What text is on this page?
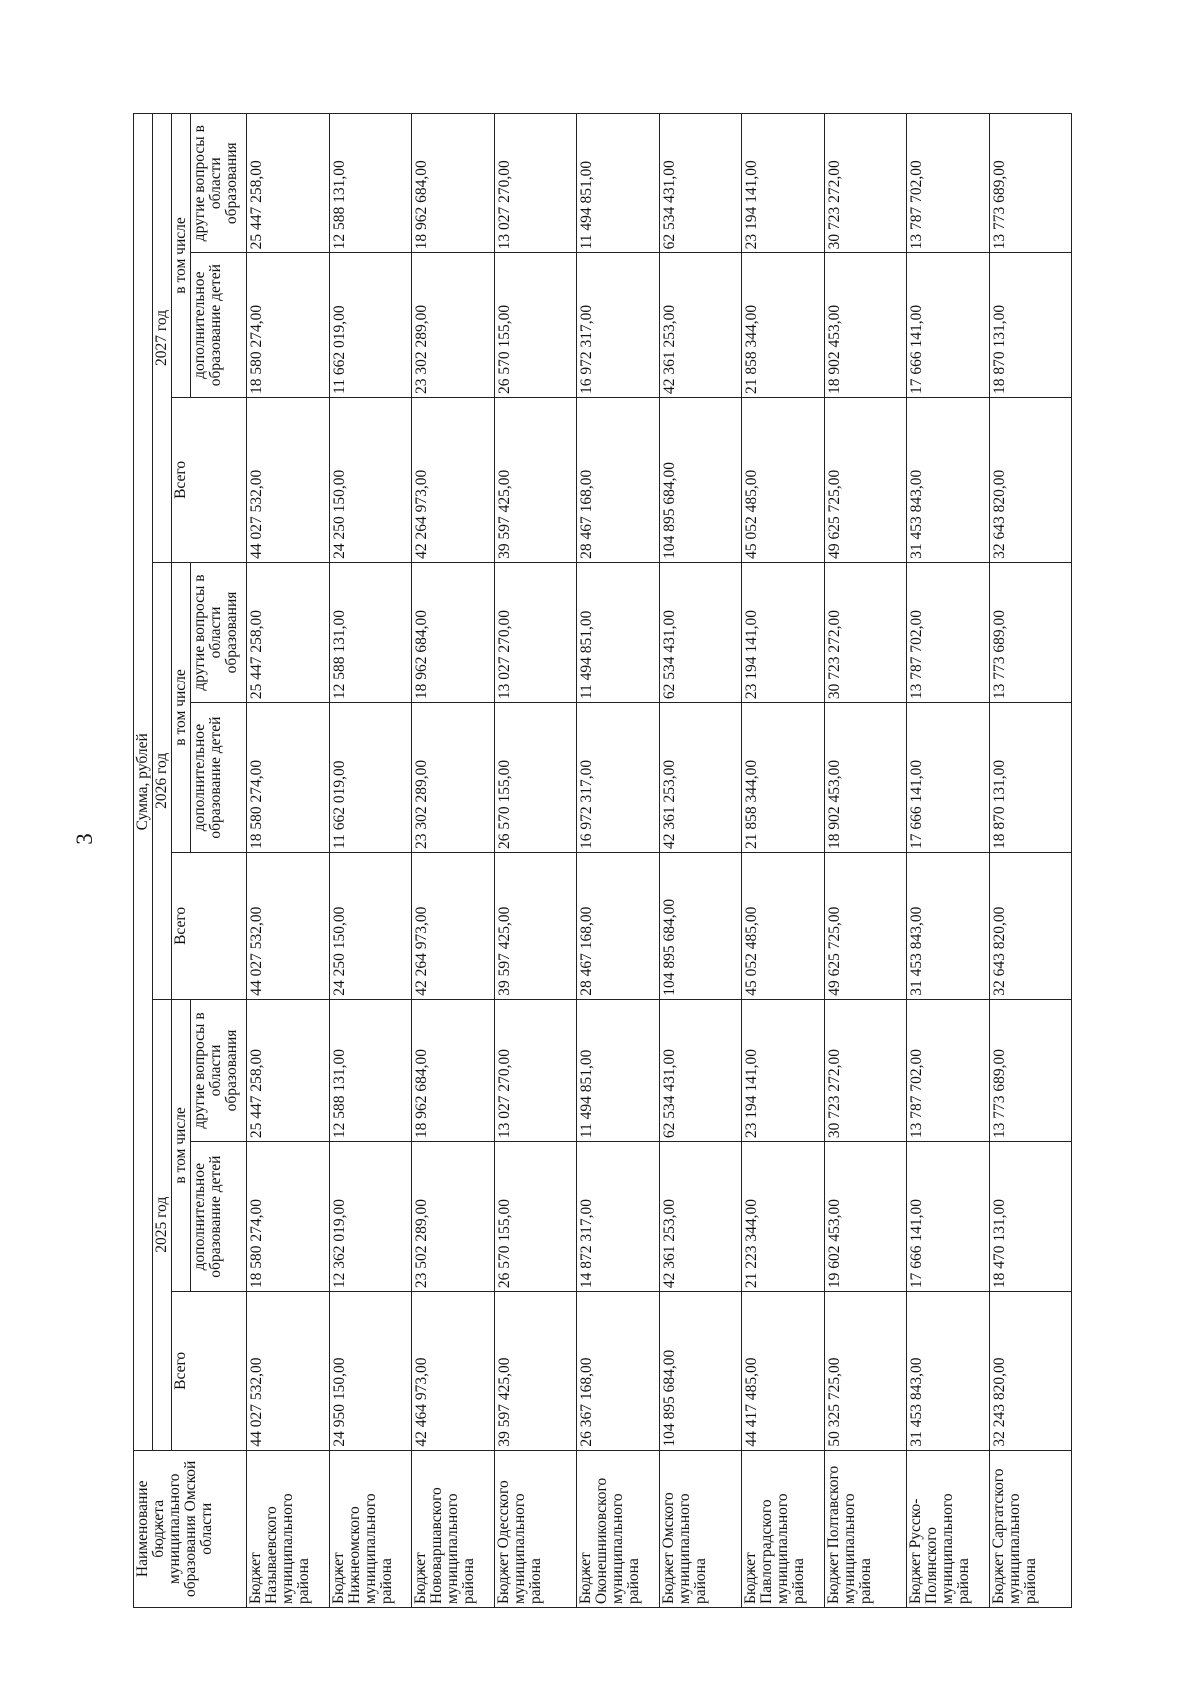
3
Наименование бюджета муниципального образования Омской области	Сумма, рублей								
	2025 год			2026 год			2027 год		
	Всего	в том числе		Всего	в том числе		Всего	в том числе	
		дополнительное образование детей	другие вопросы в области образования		дополнительное образование детей	другие вопросы в области образования		дополнительное образование детей	другие вопросы в области образования
Бюджет Называевского муниципального района	44 027 532,00	18 580 274,00	25 447 258,00	44 027 532,00	18 580 274,00	25 447 258,00	44 027 532,00	18 580 274,00	25 447 258,00
Бюджет Нижнеомского муниципального района	24 950 150,00	12 362 019,00	12 588 131,00	24 250 150,00	11 662 019,00	12 588 131,00	24 250 150,00	11 662 019,00	12 588 131,00
Бюджет Нововаршавского муниципального района	42 464 973,00	23 502 289,00	18 962 684,00	42 264 973,00	23 302 289,00	18 962 684,00	42 264 973,00	23 302 289,00	18 962 684,00
Бюджет Одесского муниципального района	39 597 425,00	26 570 155,00	13 027 270,00	39 597 425,00	26 570 155,00	13 027 270,00	39 597 425,00	26 570 155,00	13 027 270,00
Бюджет Оконешниковского муниципального района	26 367 168,00	14 872 317,00	11 494 851,00	28 467 168,00	16 972 317,00	11 494 851,00	28 467 168,00	16 972 317,00	11 494 851,00
Бюджет Омского муниципального района	104 895 684,00	42 361 253,00	62 534 431,00	104 895 684,00	42 361 253,00	62 534 431,00	104 895 684,00	42 361 253,00	62 534 431,00
Бюджет Павлоградского муниципального района	44 417 485,00	21 223 344,00	23 194 141,00	45 052 485,00	21 858 344,00	23 194 141,00	45 052 485,00	21 858 344,00	23 194 141,00
Бюджет Полтавского муниципального района	50 325 725,00	19 602 453,00	30 723 272,00	49 625 725,00	18 902 453,00	30 723 272,00	49 625 725,00	18 902 453,00	30 723 272,00
Бюджет Русско-Полянского муниципального района	31 453 843,00	17 666 141,00	13 787 702,00	31 453 843,00	17 666 141,00	13 787 702,00	31 453 843,00	17 666 141,00	13 787 702,00
Бюджет Саргатского муниципального района	32 243 820,00	18 470 131,00	13 773 689,00	32 643 820,00	18 870 131,00	13 773 689,00	32 643 820,00	18 870 131,00	13 773 689,00
